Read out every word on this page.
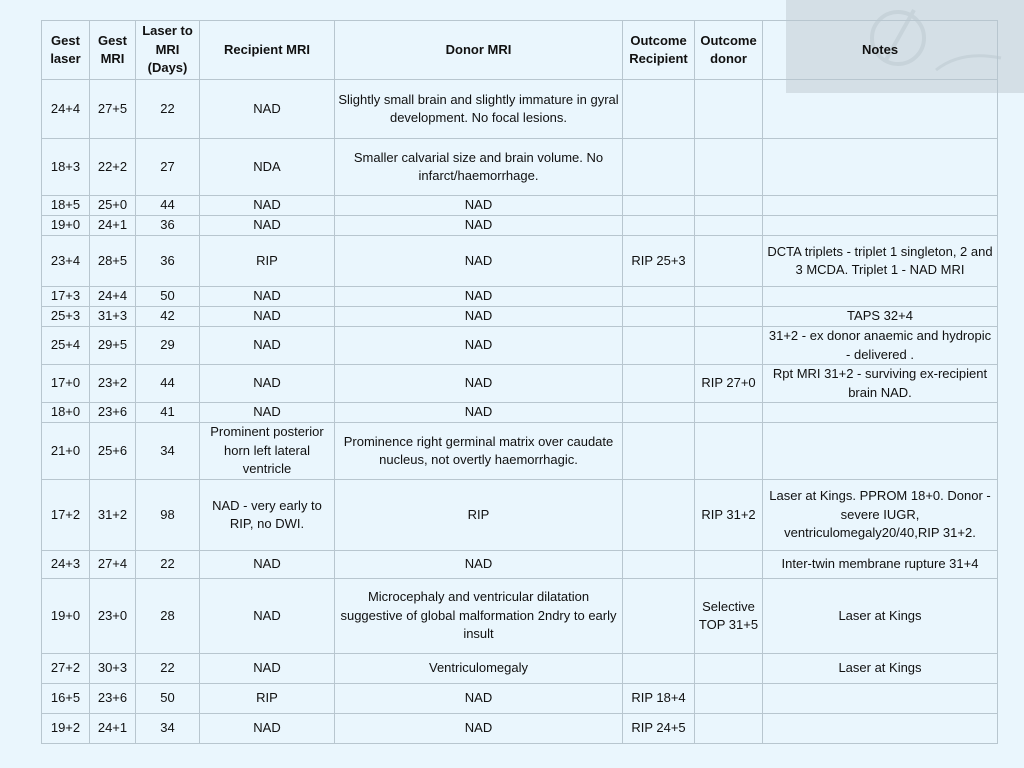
Gest laser	Gest MRI	Laser to MRI (Days)	Recipient MRI	Donor MRI	Outcome Recipient	Outcome donor	Notes
24+4	27+5	22	NAD	Slightly small brain and slightly immature in gyral development. No focal lesions.			
18+3	22+2	27	NDA	Smaller calvarial size and brain volume. No infarct/haemorrhage.			
18+5	25+0	44	NAD	NAD			
19+0	24+1	36	NAD	NAD			
23+4	28+5	36	RIP	NAD	RIP 25+3		DCTA triplets - triplet 1 singleton, 2 and 3 MCDA. Triplet 1 - NAD MRI
17+3	24+4	50	NAD	NAD			
25+3	31+3	42	NAD	NAD			TAPS 32+4
25+4	29+5	29	NAD	NAD			31+2 - ex donor anaemic and hydropic - delivered .
17+0	23+2	44	NAD	NAD		RIP 27+0	Rpt MRI 31+2 - surviving ex-recipient brain NAD.
18+0	23+6	41	NAD	NAD			
21+0	25+6	34	Prominent posterior horn left lateral ventricle	Prominence right germinal matrix over caudate nucleus, not overtly haemorrhagic.			
17+2	31+2	98	NAD - very early to RIP, no DWI.	RIP		RIP 31+2	Laser at Kings. PPROM 18+0. Donor - severe IUGR, ventriculomegaly20/40,RIP 31+2.
24+3	27+4	22	NAD	NAD			Inter-twin membrane rupture 31+4
19+0	23+0	28	NAD	Microcephaly and ventricular dilatation suggestive of global malformation 2ndry to early insult		Selective TOP 31+5	Laser at Kings
27+2	30+3	22	NAD	Ventriculomegaly			Laser at Kings
16+5	23+6	50	RIP	NAD	RIP 18+4		
19+2	24+1	34	NAD	NAD	RIP 24+5		
